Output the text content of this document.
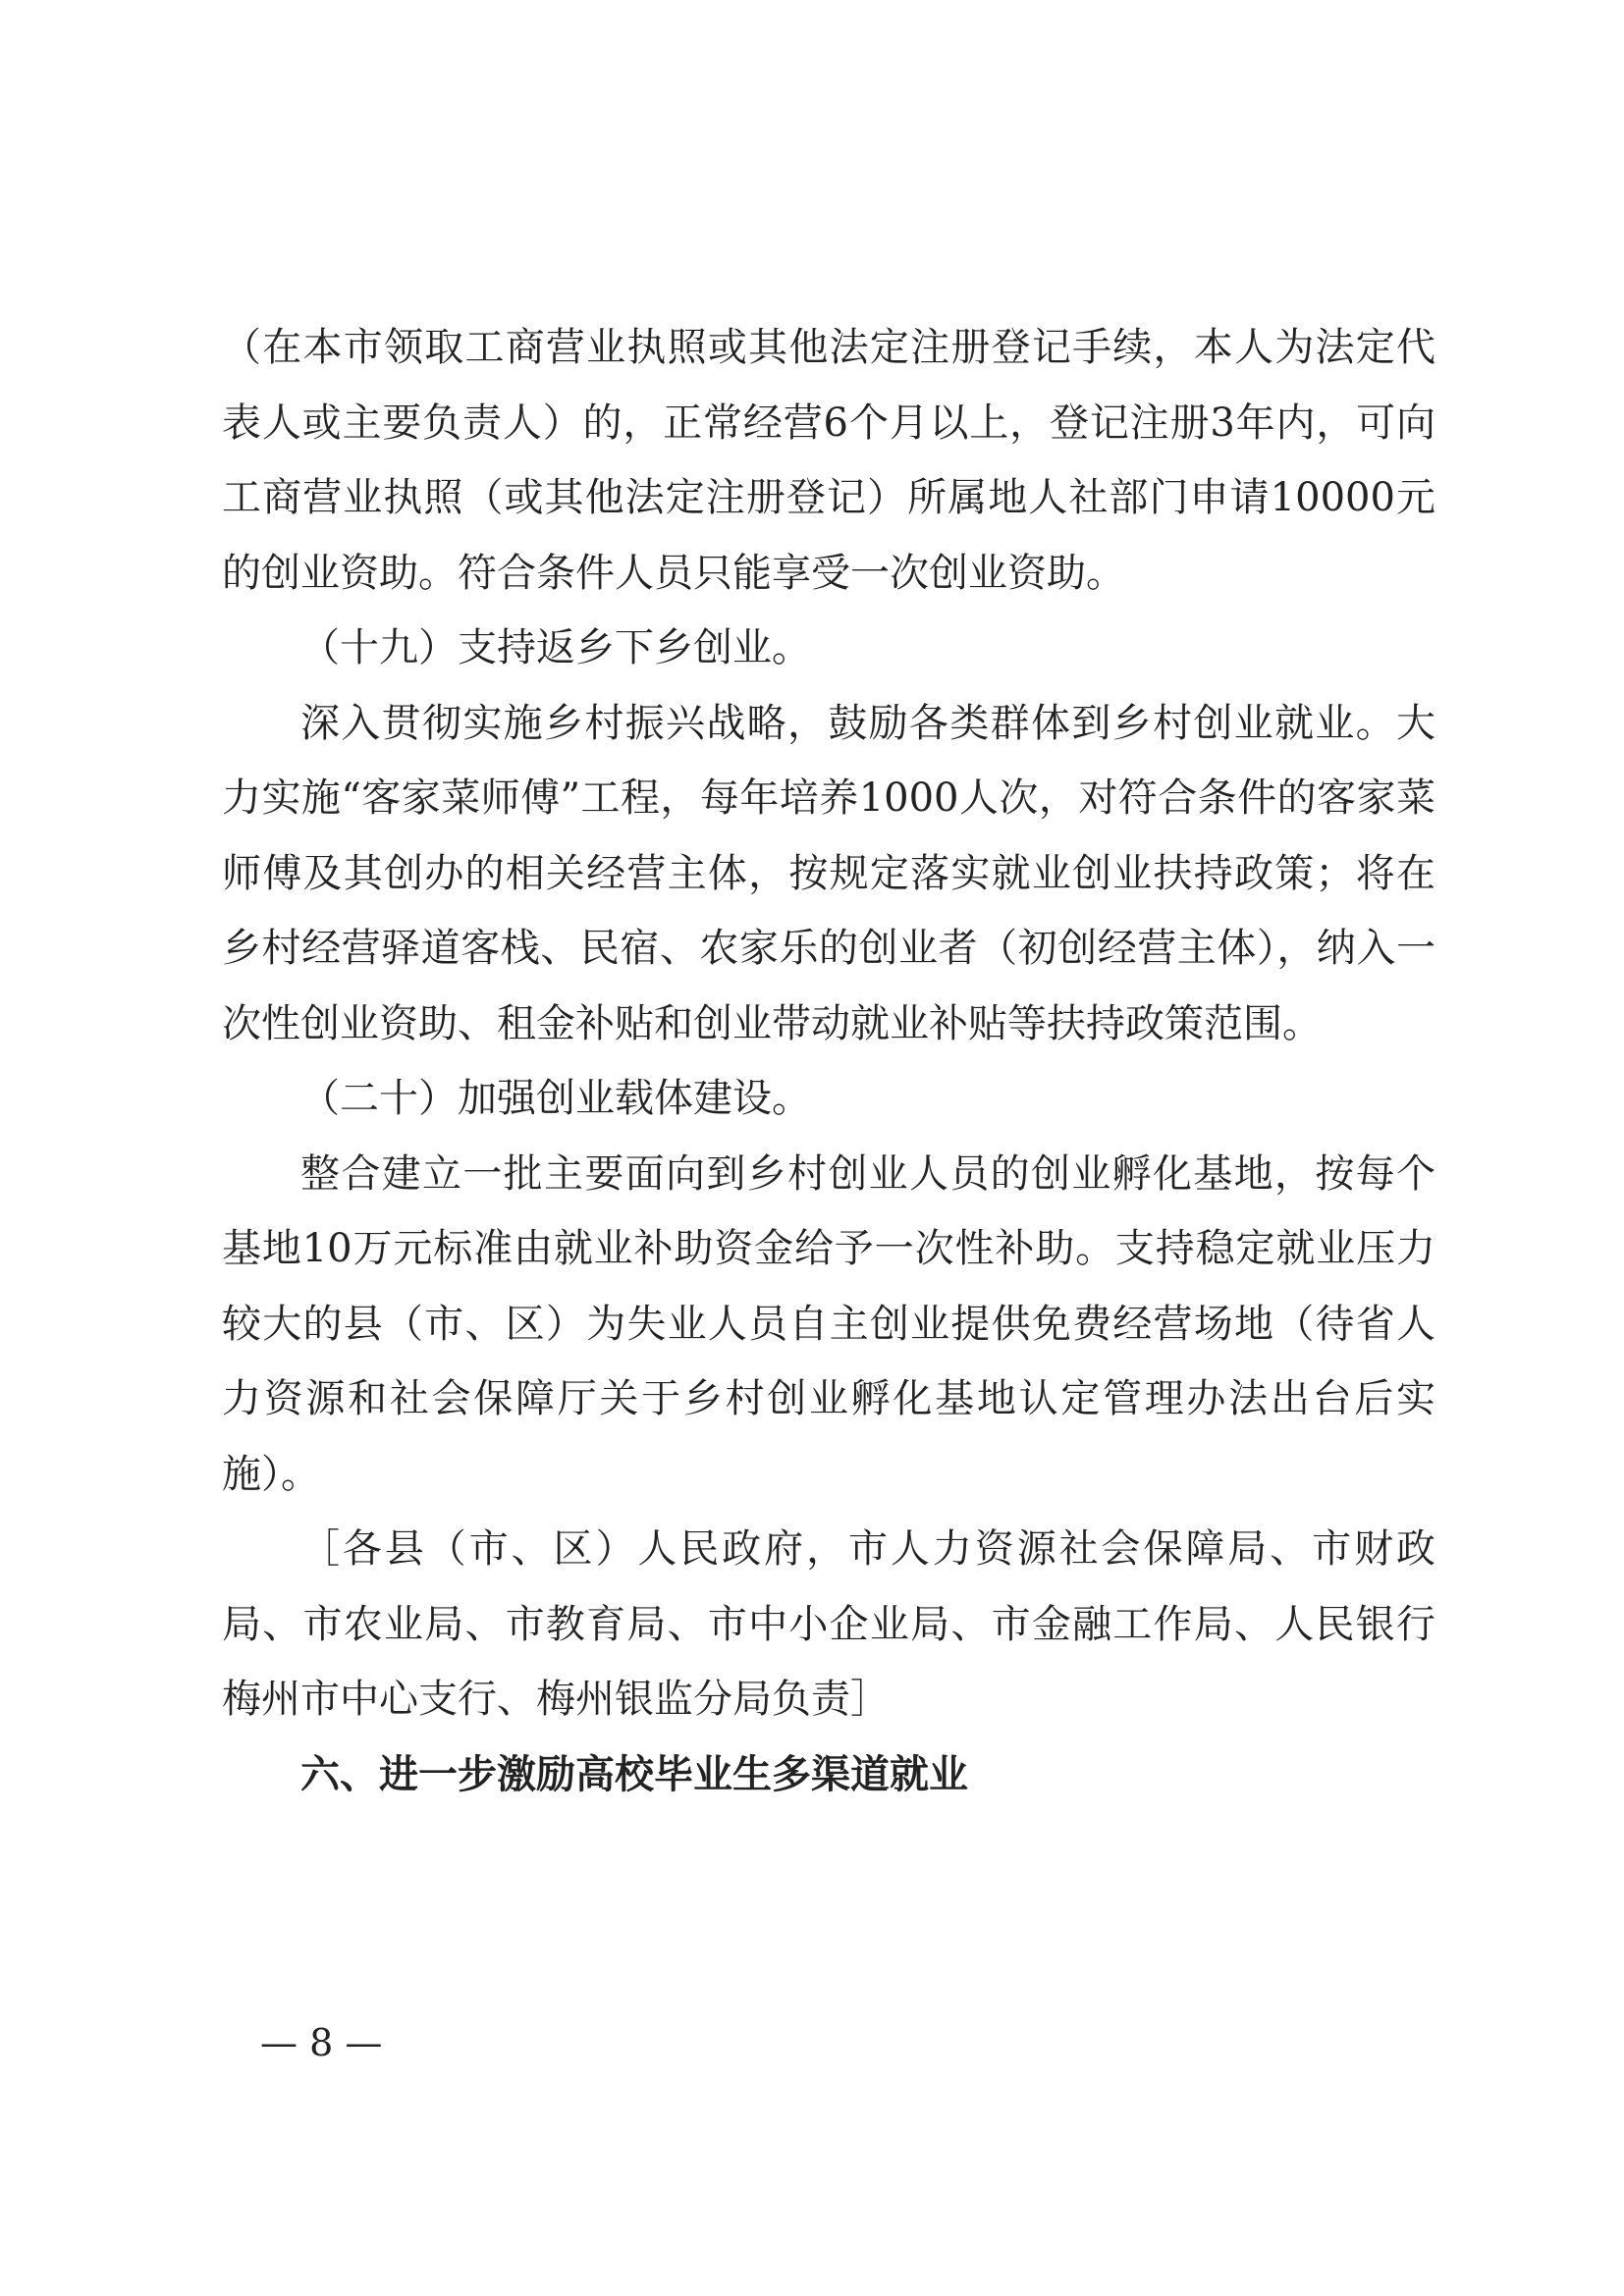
（在本市领取工商营业执照或其他法定注册登记手续，本人为法定代表人或主要负责人）的，正常经营6个月以上，登记注册3年内，可向工商营业执照（或其他法定注册登记）所属地人社部门申请10000元的创业资助。符合条件人员只能享受一次创业资助。

（十九）支持返乡下乡创业。

深入贯彻实施乡村振兴战略，鼓励各类群体到乡村创业就业。大力实施“客家菜师傅”工程，每年培养1000人次，对符合条件的客家菜师傅及其创办的相关经营主体，按规定落实就业创业扶持政策；将在乡村经营驿道客栈、民宿、农家乐的创业者（初创经营主体），纳入一次性创业资助、租金补贴和创业带动就业补贴等扶持政策范围。

（二十）加强创业载体建设。

整合建立一批主要面向到乡村创业人员的创业孵化基地，按每个基地10万元标准由就业补助资金给予一次性补助。支持稳定就业压力较大的县（市、区）为失业人员自主创业提供免费经营场地（待省人力资源和社会保障厅关于乡村创业孵化基地认定管理办法出台后实施）。

［各县（市、区）人民政府，市人力资源社会保障局、市财政局、市农业局、市教育局、市中小企业局、市金融工作局、人民银行梅州市中心支行、梅州银监分局负责］

六、进一步激励高校毕业生多渠道就业

— 8 —
